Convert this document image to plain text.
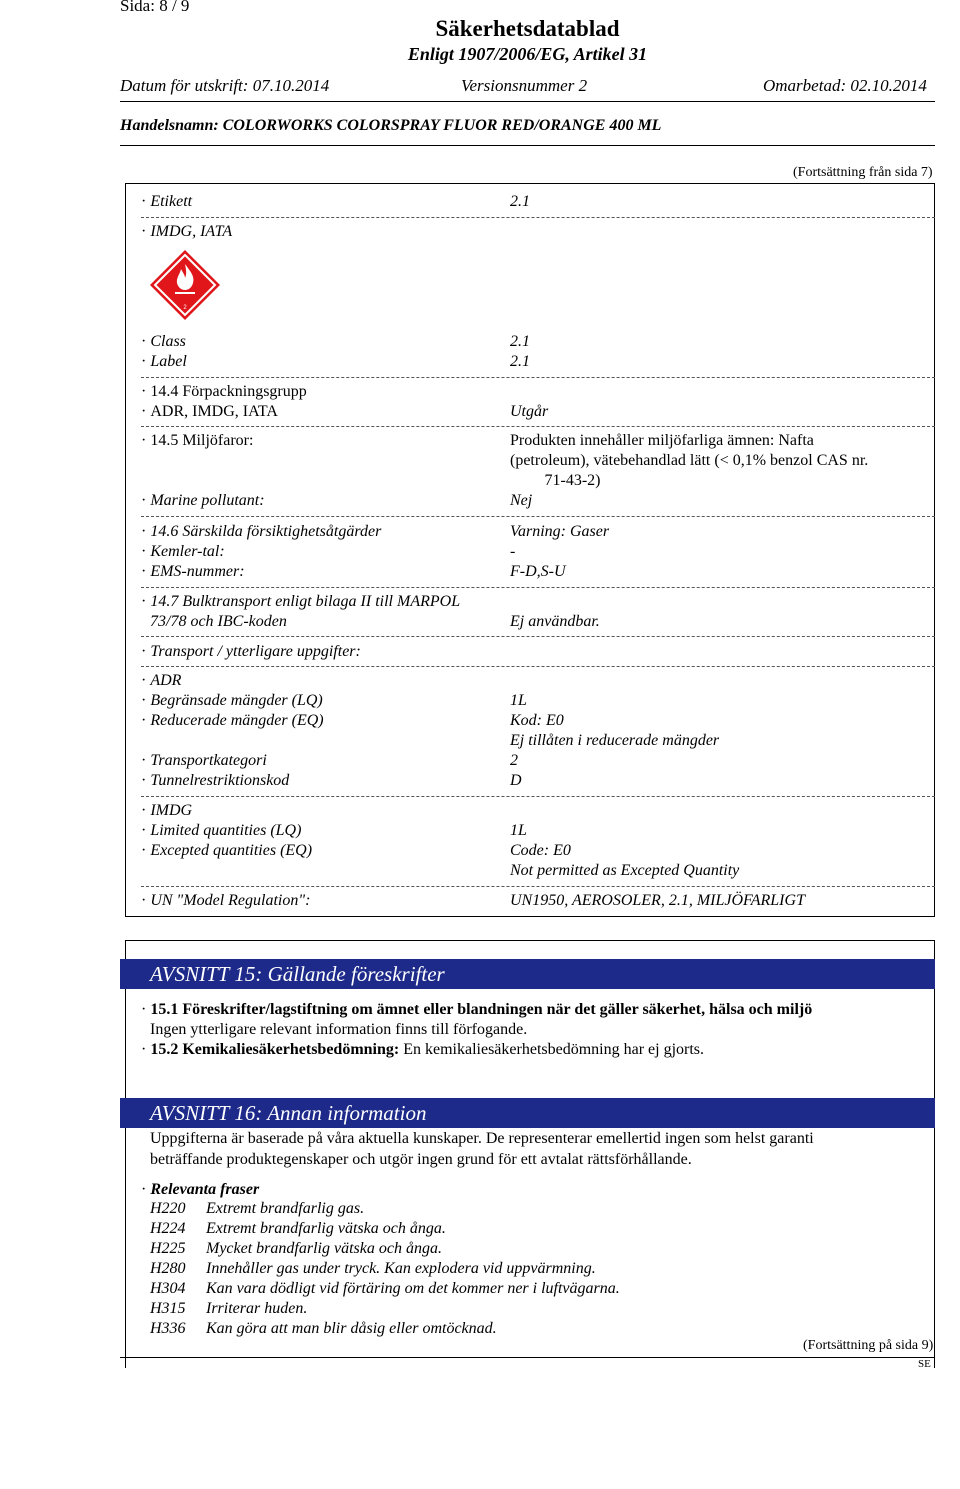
Sida: 8 / 9
Säkerhetsdatablad
Enligt 1907/2006/EG, Artikel 31
Datum för utskrift: 07.10.2014	Versionsnummer 2	Omarbetad: 02.10.2014
Handelsnamn: COLORWORKS COLORSPRAY FLUOR RED/ORANGE 400 ML
(Fortsättning från sida 7)
· Etikett	2.1
· IMDG, IATA
2
· Class	2.1
· Label	2.1
· 14.4 Förpackningsgrupp
· ADR, IMDG, IATA	Utgår
· 14.5 Miljöfaror:	Produkten innehåller miljöfarliga ämnen: Nafta
(petroleum), vätebehandlad lätt (< 0,1% benzol CAS nr.
71-43-2)
· Marine pollutant:	Nej
· 14.6 Särskilda försiktighetsåtgärder	Varning: Gaser
· Kemler-tal:	-
· EMS-nummer:	F-D,S-U
· 14.7 Bulktransport enligt bilaga II till MARPOL
73/78 och IBC-koden	Ej användbar.
· Transport / ytterligare uppgifter:
· ADR
· Begränsade mängder (LQ)	1L
· Reducerade mängder (EQ)	Kod: E0
Ej tillåten i reducerade mängder
· Transportkategori	2
· Tunnelrestriktionskod	D
· IMDG
· Limited quantities (LQ)	1L
· Excepted quantities (EQ)	Code: E0
Not permitted as Excepted Quantity
· UN "Model Regulation":	UN1950, AEROSOLER, 2.1, MILJÖFARLIGT
AVSNITT 15: Gällande föreskrifter
· 15.1 Föreskrifter/lagstiftning om ämnet eller blandningen när det gäller säkerhet, hälsa och miljö
Ingen ytterligare relevant information finns till förfogande.
· 15.2 Kemikaliesäkerhetsbedömning: En kemikaliesäkerhetsbedömning har ej gjorts.
AVSNITT 16: Annan information
Uppgifterna är baserade på våra aktuella kunskaper. De representerar emellertid ingen som helst garanti
beträffande produktegenskaper och utgör ingen grund för ett avtalat rättsförhållande.
· Relevanta fraser
H220 Extremt brandfarlig gas.
H224 Extremt brandfarlig vätska och ånga.
H225 Mycket brandfarlig vätska och ånga.
H280 Innehåller gas under tryck. Kan explodera vid uppvärmning.
H304 Kan vara dödligt vid förtäring om det kommer ner i luftvägarna.
H315 Irriterar huden.
H336 Kan göra att man blir dåsig eller omtöcknad.
(Fortsättning på sida 9)
SE
